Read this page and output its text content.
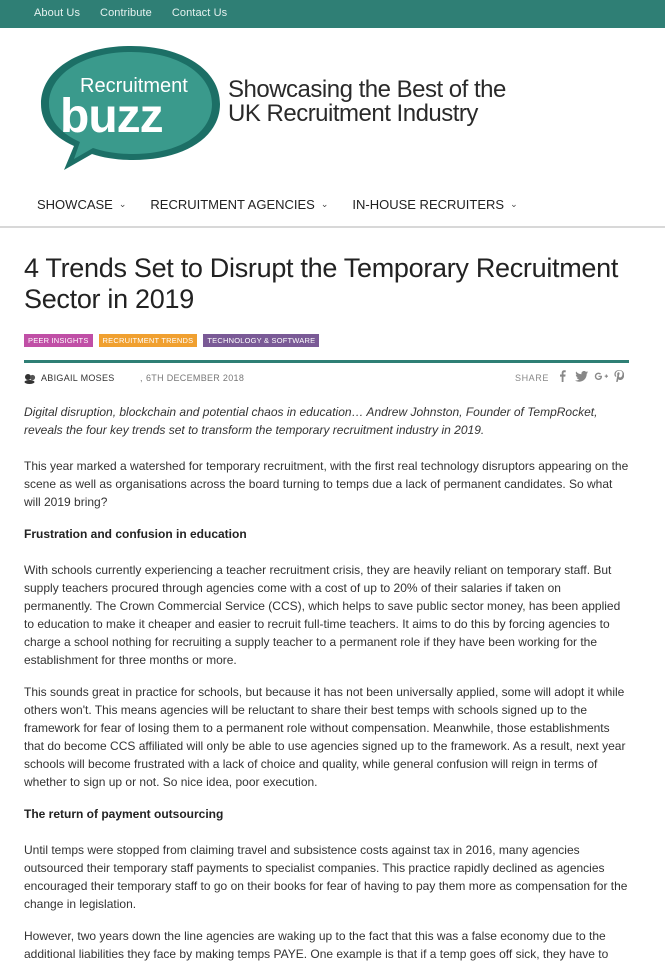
About Us Contribute Contact Us
Recruitment
buzz
Showcasing the Best of the
UK Recruitment Industry
SHOWCASE ⌄ RECRUITMENT AGENCIES ⌄ IN-HOUSE RECRUITERS ⌄
4 Trends Set to Disrupt the Temporary Recruitment Sector in 2019
PEER INSIGHTS	RECRUITMENT TRENDS	TECHNOLOGY & SOFTWARE
ABIGAIL MOSES	, 6TH DECEMBER 2018	SHARE

Digital disruption, blockchain and potential chaos in education… Andrew Johnston, Founder of TempRocket, reveals the four key trends set to transform the temporary recruitment industry in 2019.

This year marked a watershed for temporary recruitment, with the first real technology disruptors appearing on the scene as well as organisations across the board turning to temps due a lack of permanent candidates. So what will 2019 bring?

Frustration and confusion in education

With schools currently experiencing a teacher recruitment crisis, they are heavily reliant on temporary staff. But supply teachers procured through agencies come with a cost of up to 20% of their salaries if taken on permanently. The Crown Commercial Service (CCS), which helps to save public sector money, has been applied to education to make it cheaper and easier to recruit full-time teachers. It aims to do this by forcing agencies to charge a school nothing for recruiting a supply teacher to a permanent role if they have been working for the establishment for three months or more.

This sounds great in practice for schools, but because it has not been universally applied, some will adopt it while others won't. This means agencies will be reluctant to share their best temps with schools signed up to the framework for fear of losing them to a permanent role without compensation. Meanwhile, those establishments that do become CCS affiliated will only be able to use agencies signed up to the framework. As a result, next year schools will become frustrated with a lack of choice and quality, while general confusion will reign in terms of whether to sign up or not. So nice idea, poor execution.

The return of payment outsourcing

Until temps were stopped from claiming travel and subsistence costs against tax in 2016, many agencies outsourced their temporary staff payments to specialist companies. This practice rapidly declined as agencies encouraged their temporary staff to go on their books for fear of having to pay them more as compensation for the change in legislation.

However, two years down the line agencies are waking up to the fact that this was a false economy due to the additional liabilities they face by making temps PAYE. One example is that if a temp goes off sick, they have to
